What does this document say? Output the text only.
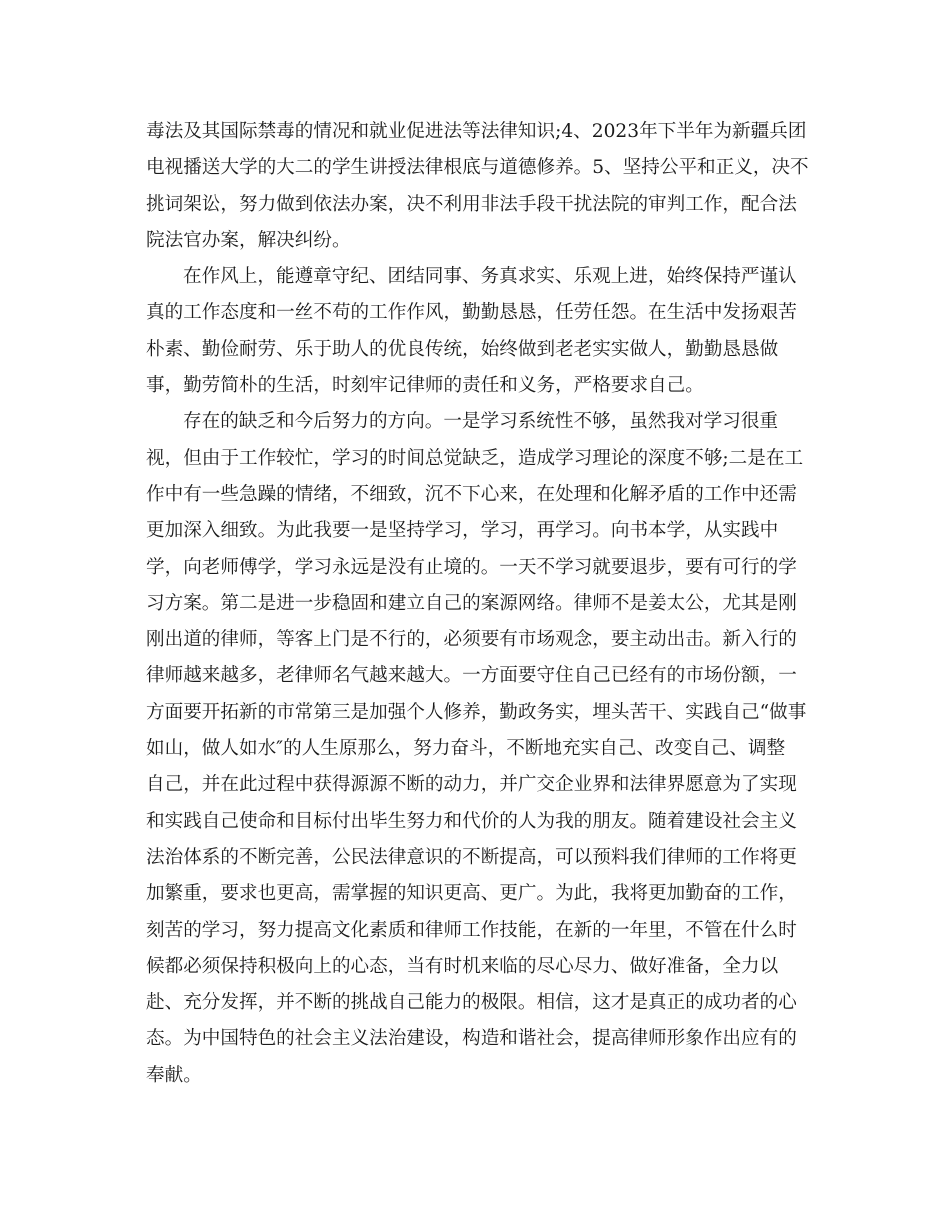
毒法及其国际禁毒的情况和就业促进法等法律知识;4、2023年下半年为新疆兵团
电视播送大学的大二的学生讲授法律根底与道德修养。5、坚持公平和正义，决不
挑词架讼，努力做到依法办案，决不利用非法手段干扰法院的审判工作，配合法
院法官办案，解决纠纷。

在作风上，能遵章守纪、团结同事、务真求实、乐观上进，始终保持严谨认
真的工作态度和一丝不苟的工作作风，勤勤恳恳，任劳任怨。在生活中发扬艰苦
朴素、勤俭耐劳、乐于助人的优良传统，始终做到老老实实做人，勤勤恳恳做
事，勤劳简朴的生活，时刻牢记律师的责任和义务，严格要求自己。

存在的缺乏和今后努力的方向。一是学习系统性不够，虽然我对学习很重
视，但由于工作较忙，学习的时间总觉缺乏，造成学习理论的深度不够;二是在工
作中有一些急躁的情绪，不细致，沉不下心来，在处理和化解矛盾的工作中还需
更加深入细致。为此我要一是坚持学习，学习，再学习。向书本学，从实践中
学，向老师傅学，学习永远是没有止境的。一天不学习就要退步，要有可行的学
习方案。第二是进一步稳固和建立自己的案源网络。律师不是姜太公，尤其是刚
刚出道的律师，等客上门是不行的，必须要有市场观念，要主动出击。新入行的
律师越来越多，老律师名气越来越大。一方面要守住自己已经有的市场份额，一
方面要开拓新的市常第三是加强个人修养，勤政务实，埋头苦干、实践自己“做事
如山，做人如水″的人生原那么，努力奋斗，不断地充实自己、改变自己、调整
自己，并在此过程中获得源源不断的动力，并广交企业界和法律界愿意为了实现
和实践自己使命和目标付出毕生努力和代价的人为我的朋友。随着建设社会主义
法治体系的不断完善，公民法律意识的不断提高，可以预料我们律师的工作将更
加繁重，要求也更高，需掌握的知识更高、更广。为此，我将更加勤奋的工作，
刻苦的学习，努力提高文化素质和律师工作技能，在新的一年里，不管在什么时
候都必须保持积极向上的心态，当有时机来临的尽心尽力、做好准备，全力以
赴、充分发挥，并不断的挑战自己能力的极限。相信，这才是真正的成功者的心
态。为中国特色的社会主义法治建设，构造和谐社会，提高律师形象作出应有的
奉献。
